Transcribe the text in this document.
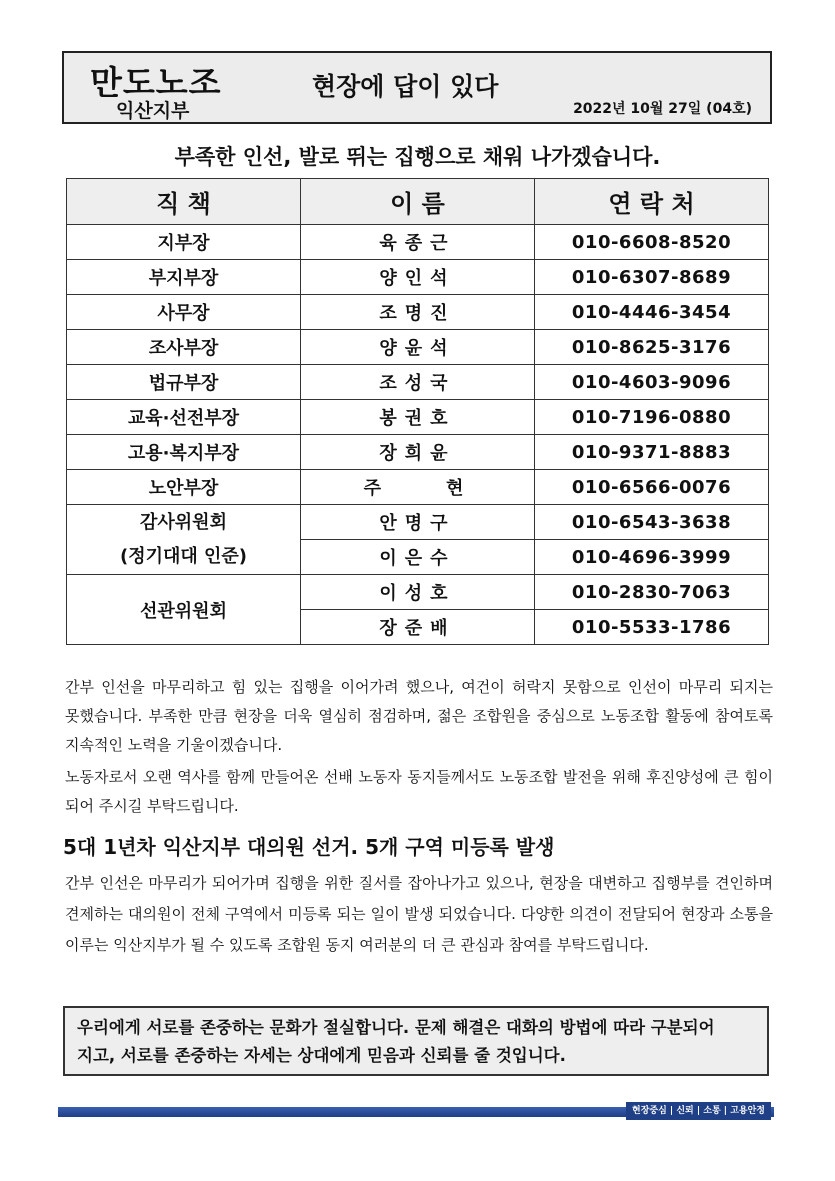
만도노조
익산지부
현장에 답이 있다
2022년 10월 27일 (04호)
부족한 인선, 발로 뛰는 집행으로 채워 나가겠습니다.
직 책	이 름	연 락 처
지부장	육종근	010-6608-8520
부지부장	양인석	010-6307-8689
사무장	조명진	010-4446-3454
조사부장	양윤석	010-8625-3176
법규부장	조성국	010-4603-9096
교육·선전부장	봉권호	010-7196-0880
고용·복지부장	장희윤	010-9371-8883
노안부장	주    현	010-6566-0076

감사위원회
(정기대대 인준)	안명구	010-6543-3638
	이은수	010-4696-3999
선관위원회	이성호	010-2830-7063
	장준배	010-5533-1786
간부 인선을 마무리하고 힘 있는 집행을 이어가려 했으나, 여건이 허락지 못함으로 인선이 마무리 되지는 못했습니다. 부족한 만큼 현장을 더욱 열심히 점검하며, 젊은 조합원을 중심으로 노동조합 활동에 참여토록 지속적인 노력을 기울이겠습니다.
노동자로서 오랜 역사를 함께 만들어온 선배 노동자 동지들께서도 노동조합 발전을 위해 후진양성에 큰 힘이 되어 주시길 부탁드립니다.
5대 1년차 익산지부 대의원 선거. 5개 구역 미등록 발생
간부 인선은 마무리가 되어가며 집행을 위한 질서를 잡아나가고 있으나, 현장을 대변하고 집행부를 견인하며 견제하는 대의원이 전체 구역에서 미등록 되는 일이 발생 되었습니다. 다양한 의견이 전달되어 현장과 소통을 이루는 익산지부가 될 수 있도록 조합원 동지 여러분의 더 큰 관심과 참여를 부탁드립니다.
우리에게 서로를 존중하는 문화가 절실합니다. 문제 해결은 대화의 방법에 따라 구분되어 지고, 서로를 존중하는 자세는 상대에게 믿음과 신뢰를 줄 것입니다.
현장중심 | 신뢰 | 소통 | 고용안정
